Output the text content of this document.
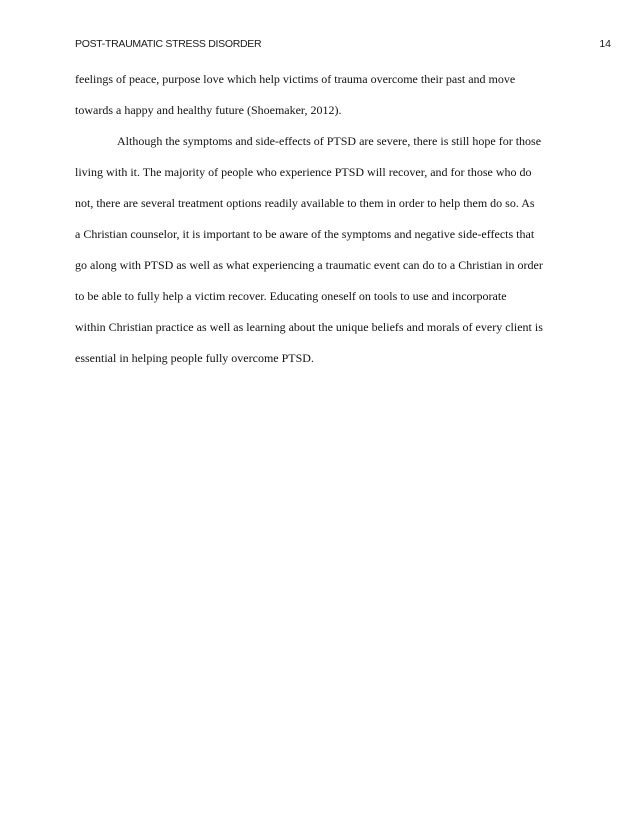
POST-TRAUMATIC STRESS DISORDER	14
feelings of peace, purpose love which help victims of trauma overcome their past and move
towards a happy and healthy future (Shoemaker, 2012).
Although the symptoms and side-effects of PTSD are severe, there is still hope for those
living with it. The majority of people who experience PTSD will recover, and for those who do
not, there are several treatment options readily available to them in order to help them do so. As
a Christian counselor, it is important to be aware of the symptoms and negative side-effects that
go along with PTSD as well as what experiencing a traumatic event can do to a Christian in order
to be able to fully help a victim recover. Educating oneself on tools to use and incorporate
within Christian practice as well as learning about the unique beliefs and morals of every client is
essential in helping people fully overcome PTSD.
